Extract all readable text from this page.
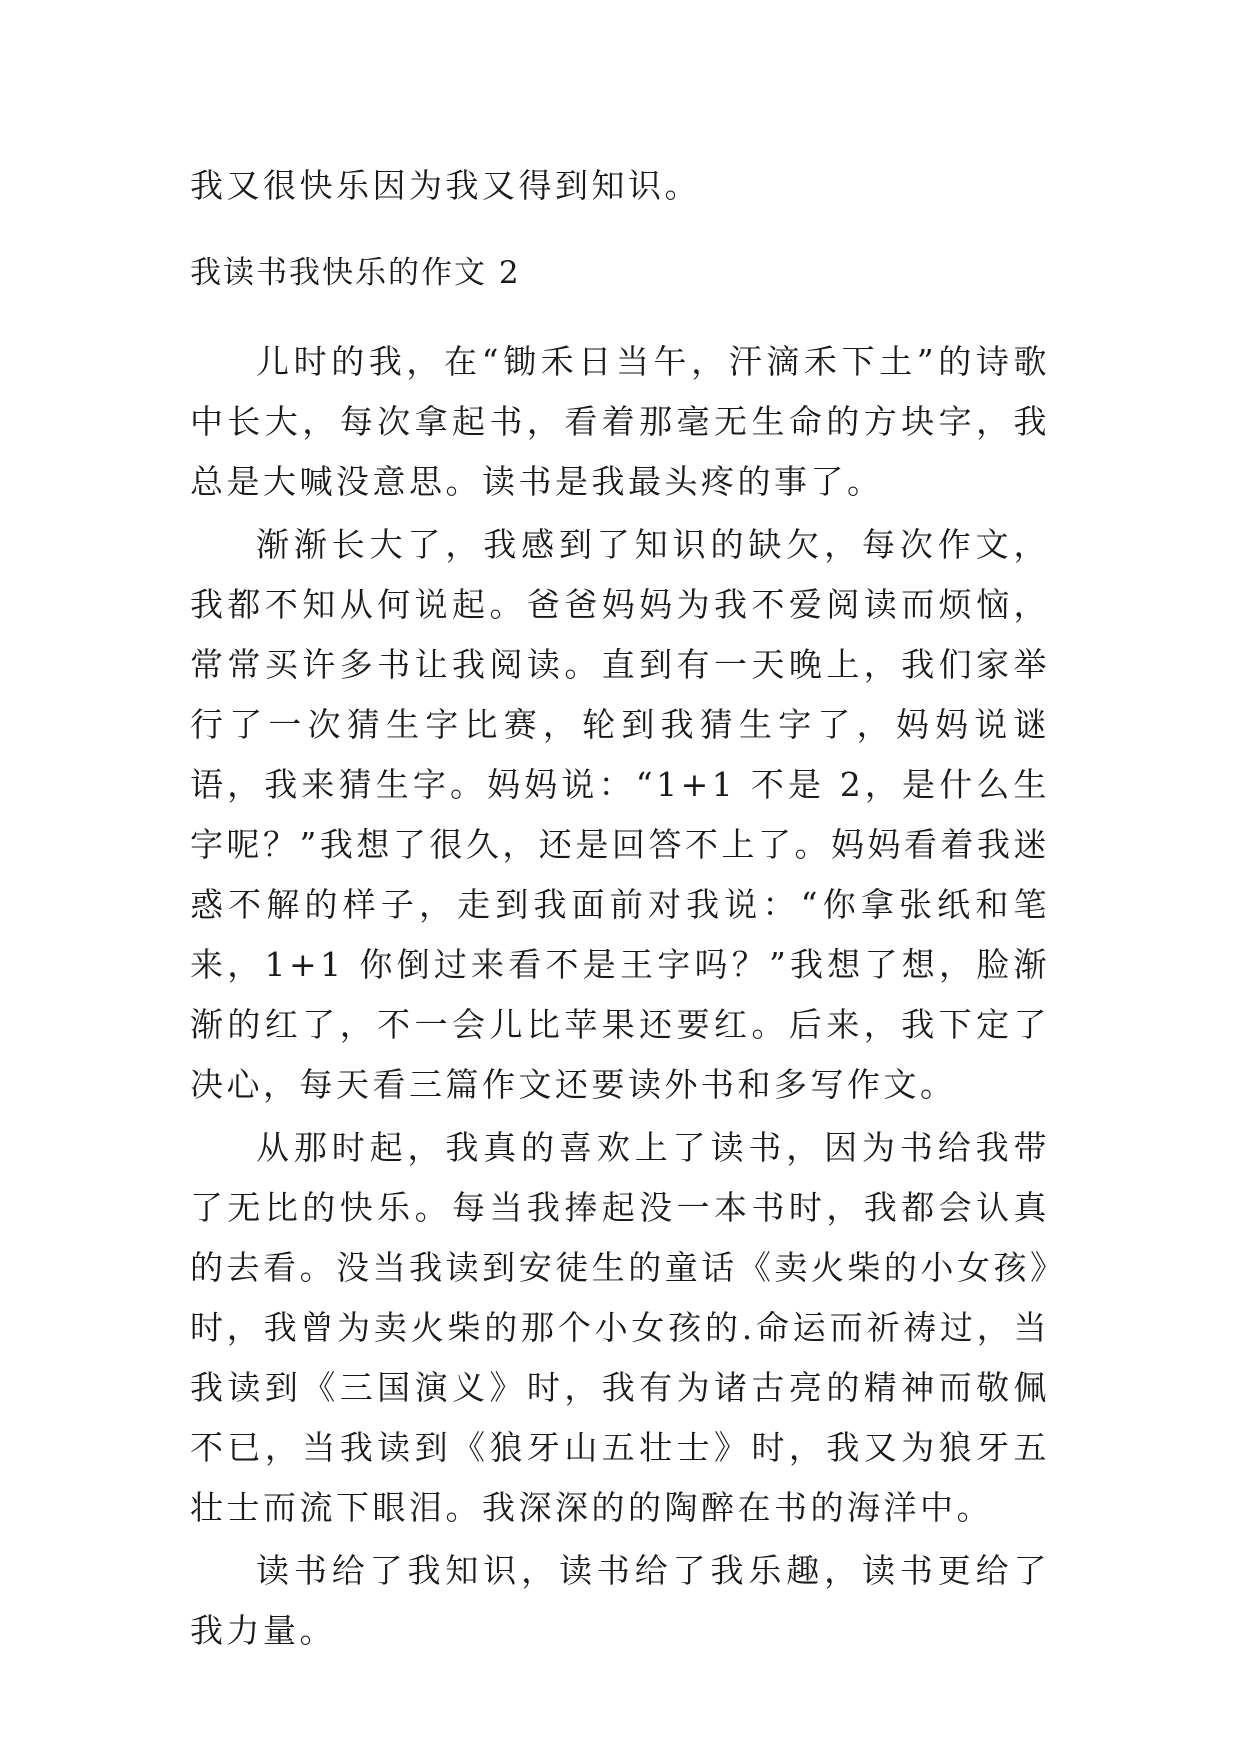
我又很快乐因为我又得到知识。
我读书我快乐的作文 2

儿时的我，在“锄禾日当午，汗滴禾下土”的诗歌中长大，每次拿起书，看着那毫无生命的方块字，我总是大喊没意思。读书是我最头疼的事了。

渐渐长大了，我感到了知识的缺欠，每次作文，我都不知从何说起。爸爸妈妈为我不爱阅读而烦恼，常常买许多书让我阅读。直到有一天晚上，我们家举行了一次猜生字比赛，轮到我猜生字了，妈妈说谜语，我来猜生字。妈妈说：“1+1 不是 2，是什么生字呢？”我想了很久，还是回答不上了。妈妈看着我迷惑不解的样子，走到我面前对我说：“你拿张纸和笔来，1+1 你倒过来看不是王字吗？”我想了想，脸渐渐的红了，不一会儿比苹果还要红。后来，我下定了决心，每天看三篇作文还要读外书和多写作文。

从那时起，我真的喜欢上了读书，因为书给我带了无比的快乐。每当我捧起没一本书时，我都会认真的去看。没当我读到安徒生的童话《卖火柴的小女孩》时，我曾为卖火柴的那个小女孩的.命运而祈祷过，当我读到《三国演义》时，我有为诸古亮的精神而敬佩不已，当我读到《狼牙山五壮士》时，我又为狼牙五壮士而流下眼泪。我深深的的陶醉在书的海洋中。

读书给了我知识，读书给了我乐趣，读书更给了我力量。
